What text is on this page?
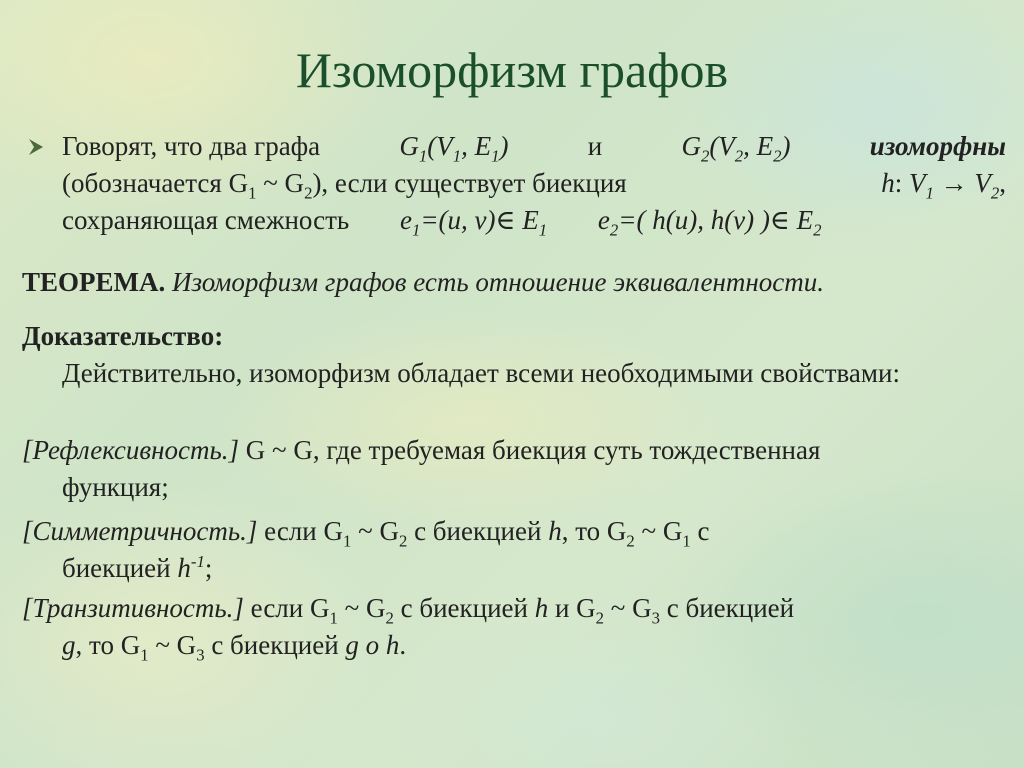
Изоморфизм графов
Говорят, что два графа	$G_1(V_1$, $E_1$)	и	$G_2(V_2$, $E_2$)	изоморфны
(обозначается $G_1$ ~ $G_2$), если существует биекция	h: $V_1 \to V_2$,
сохраняющая смежность $e_1=(u$, v)∈ $E_1$ $e_2=$( h(u), h(v) )∈ $E_2$
ТЕОРЕМА. Изоморфизм графов есть отношение эквивалентности.
Доказательство:
Действительно, изоморфизм обладает всеми необходимыми свойствами:
[Рефлексивность.] G ~ G, где требуемая биекция суть тождественная
функция;
[Симметричность.] если $G_1$ ~ $G_2$ с биекцией h, то $G_2$ ~ $G_1$ с
биекцией $h^{-1}$;
[Транзитивность.] если $G_1$ ~ $G_2$ с биекцией h и $G_2$ ~ $G_3$ с биекцией
g, то $G_1$ ~ $G_3$ с биекцией g o h.
